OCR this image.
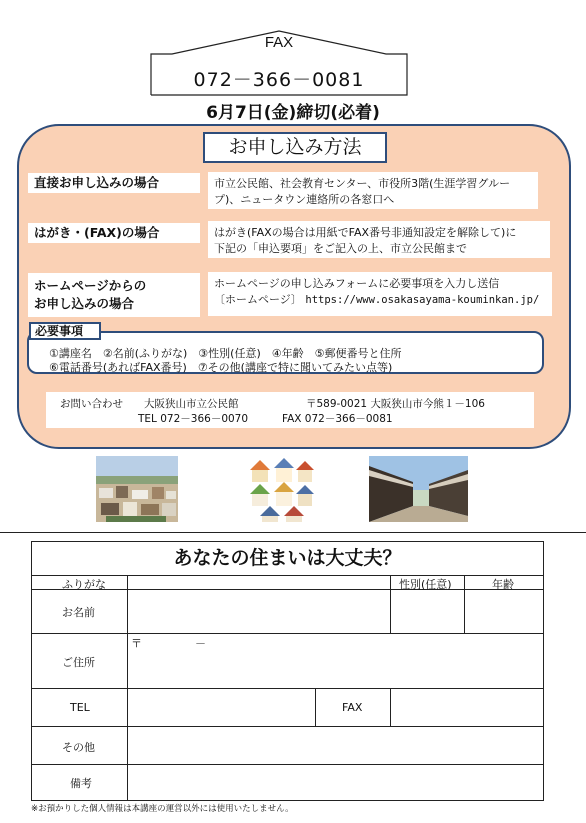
FAX
072－366－0081
6月7日(金)締切(必着)
お申し込み方法
直接お申し込みの場合	市立公民館、社会教育センター、市役所3階(生涯学習グルー
プ)、ニュータウン連絡所の各窓口へ
はがき・(FAX)の場合	はがき(FAXの場合は用紙でFAX番号非通知設定を解除して)に
下記の「申込要項」をご記入の上、市立公民館まで
ホームページからの
お申し込みの場合
ホームページの申し込みフォームに必要事項を入力し送信
〔ホームページ〕 https://www.osakasayama-kouminkan.jp/
必要事項
①講座名　②名前(ふりがな)　③性別(任意)　④年齢　⑤郵便番号と住所
⑥電話番号(あればFAX番号)　⑦その他(講座で特に聞いてみたい点等)
お問い合わせ 大阪狭山市立公民館	〒589-0021 大阪狭山市今熊１－106
TEL 072－366－0070	FAX 072－366－0081
あなたの住まいは大丈夫？
ふりがな	性別(任意)	年齢
お名前
ご住所
〒	－
TEL	FAX
その他
備考
※お預かりした個人情報は本講座の運営以外には使用いたしません。
